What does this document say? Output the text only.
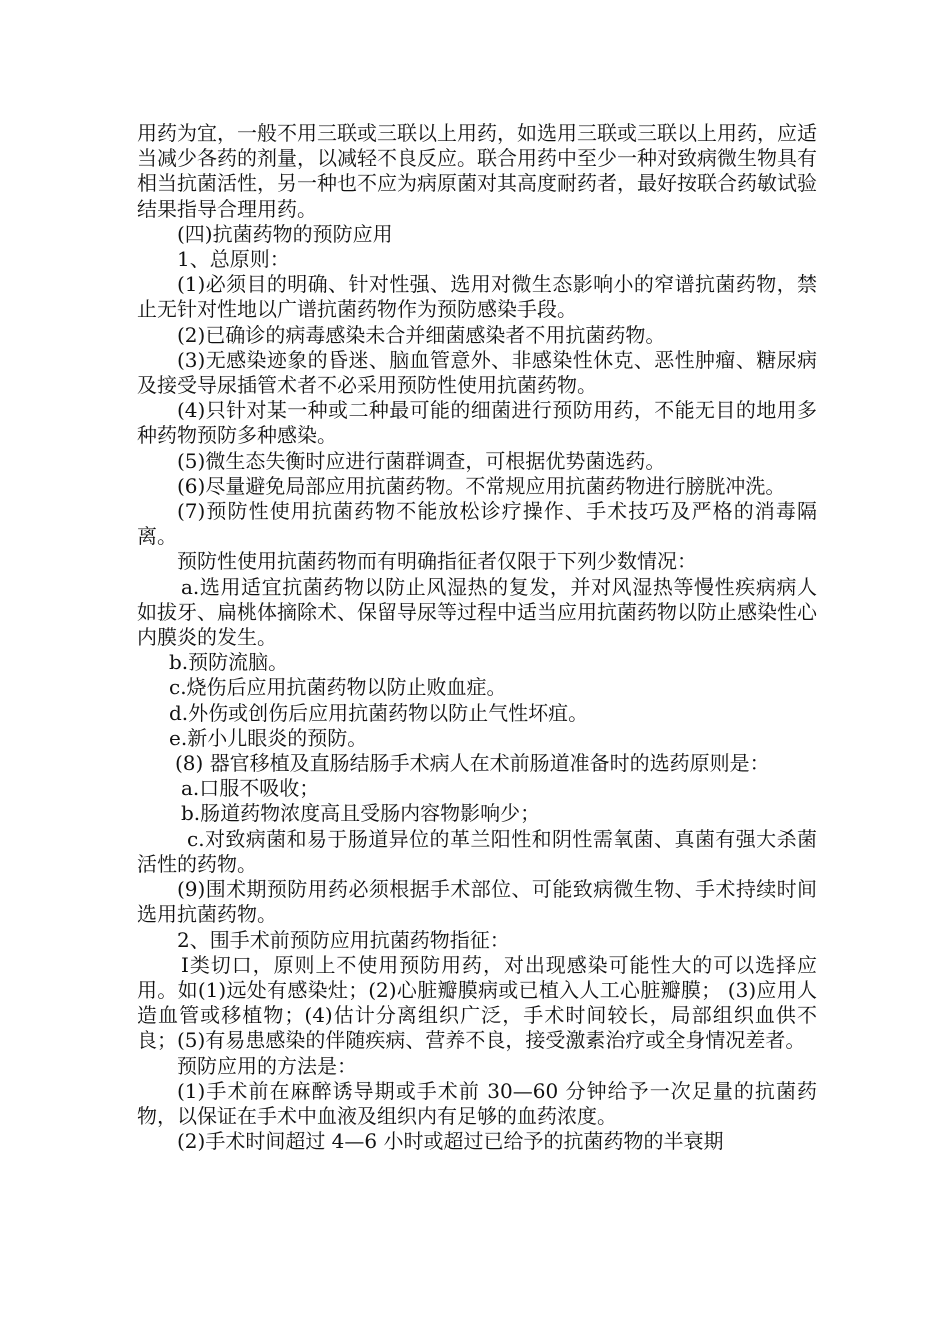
用药为宜，一般不用三联或三联以上用药，如选用三联或三联以上用药，应适当减少各药的剂量，以减轻不良反应。联合用药中至少一种对致病微生物具有相当抗菌活性，另一种也不应为病原菌对其高度耐药者，最好按联合药敏试验结果指导合理用药。

(四)抗菌药物的预防应用

1、总原则：

(1)必须目的明确、针对性强、选用对微生态影响小的窄谱抗菌药物，禁止无针对性地以广谱抗菌药物作为预防感染手段。

(2)已确诊的病毒感染未合并细菌感染者不用抗菌药物。

(3)无感染迹象的昏迷、脑血管意外、非感染性休克、恶性肿瘤、糖尿病及接受导尿插管术者不必采用预防性使用抗菌药物。

(4)只针对某一种或二种最可能的细菌进行预防用药，不能无目的地用多种药物预防多种感染。

(5)微生态失衡时应进行菌群调查，可根据优势菌选药。

(6)尽量避免局部应用抗菌药物。不常规应用抗菌药物进行膀胱冲洗。

(7)预防性使用抗菌药物不能放松诊疗操作、手术技巧及严格的消毒隔离。

预防性使用抗菌药物而有明确指征者仅限于下列少数情况：

a.选用适宜抗菌药物以防止风湿热的复发，并对风湿热等慢性疾病病人如拔牙、扁桃体摘除术、保留导尿等过程中适当应用抗菌药物以防止感染性心内膜炎的发生。

b.预防流脑。

c.烧伤后应用抗菌药物以防止败血症。

d.外伤或创伤后应用抗菌药物以防止气性坏疽。

e.新小儿眼炎的预防。

(8) 器官移植及直肠结肠手术病人在术前肠道准备时的选药原则是：

a.口服不吸收；

b.肠道药物浓度高且受肠内容物影响少；

c.对致病菌和易于肠道异位的革兰阳性和阴性需氧菌、真菌有强大杀菌活性的药物。

(9)围术期预防用药必须根据手术部位、可能致病微生物、手术持续时间选用抗菌药物。

2、围手术前预防应用抗菌药物指征：

Ⅰ类切口，原则上不使用预防用药，对出现感染可能性大的可以选择应用。如(1)远处有感染灶；(2)心脏瓣膜病或已植入人工心脏瓣膜； (3)应用人造血管或移植物；(4)估计分离组织广泛，手术时间较长，局部组织血供不良；(5)有易患感染的伴随疾病、营养不良，接受激素治疗或全身情况差者。

预防应用的方法是：

(1)手术前在麻醉诱导期或手术前 30—60 分钟给予一次足量的抗菌药物，以保证在手术中血液及组织内有足够的血药浓度。

(2)手术时间超过 4—6 小时或超过已给予的抗菌药物的半衰期
